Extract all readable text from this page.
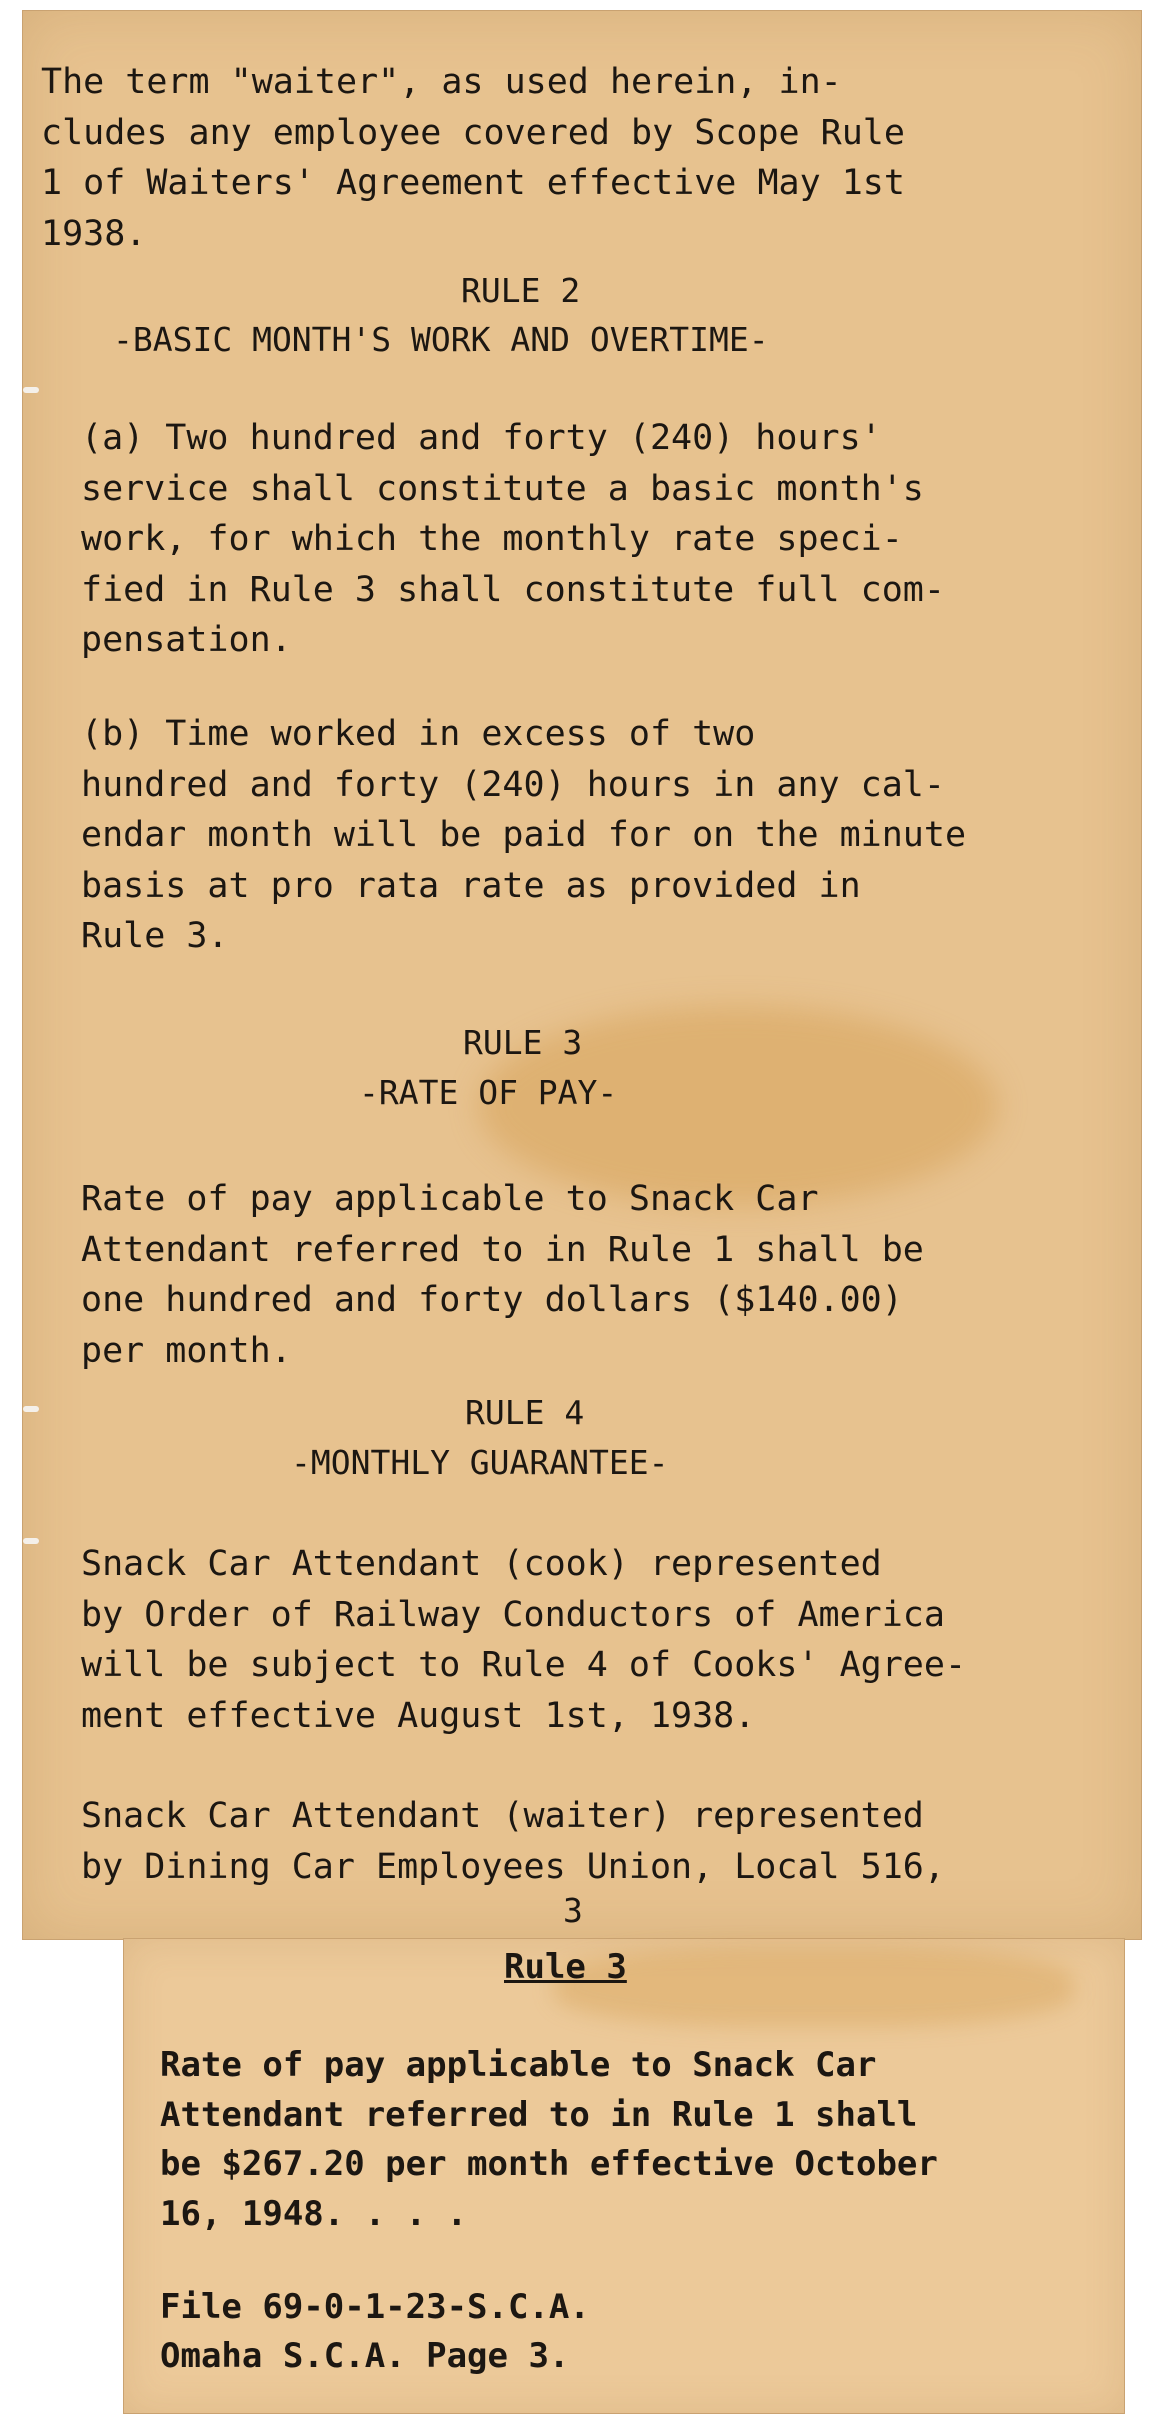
The term "waiter", as used herein, in-
cludes any employee covered by Scope Rule
1 of Waiters' Agreement effective May 1st
1938.

RULE 2

-BASIC MONTH'S WORK AND OVERTIME-

(a) Two hundred and forty (240) hours'
service shall constitute a basic month's
work, for which the monthly rate speci-
fied in Rule 3 shall constitute full com-
pensation.

(b) Time worked in excess of two
hundred and forty (240) hours in any cal-
endar month will be paid for on the minute
basis at pro rata rate as provided in
Rule 3.

RULE 3

-RATE OF PAY-

Rate of pay applicable to Snack Car
Attendant referred to in Rule 1 shall be
one hundred and forty dollars ($140.00)
per month.

RULE 4

-MONTHLY GUARANTEE-

Snack Car Attendant (cook) represented
by Order of Railway Conductors of America
will be subject to Rule 4 of Cooks' Agree-
ment effective August 1st, 1938.

Snack Car Attendant (waiter) represented
by Dining Car Employees Union, Local 516,

3

Rule 3

Rate of pay applicable to Snack Car
Attendant referred to in Rule 1 shall
be $267.20 per month effective October
16, 1948. . . .

File 69-0-1-23-S.C.A.

Omaha S.C.A. Page 3.
